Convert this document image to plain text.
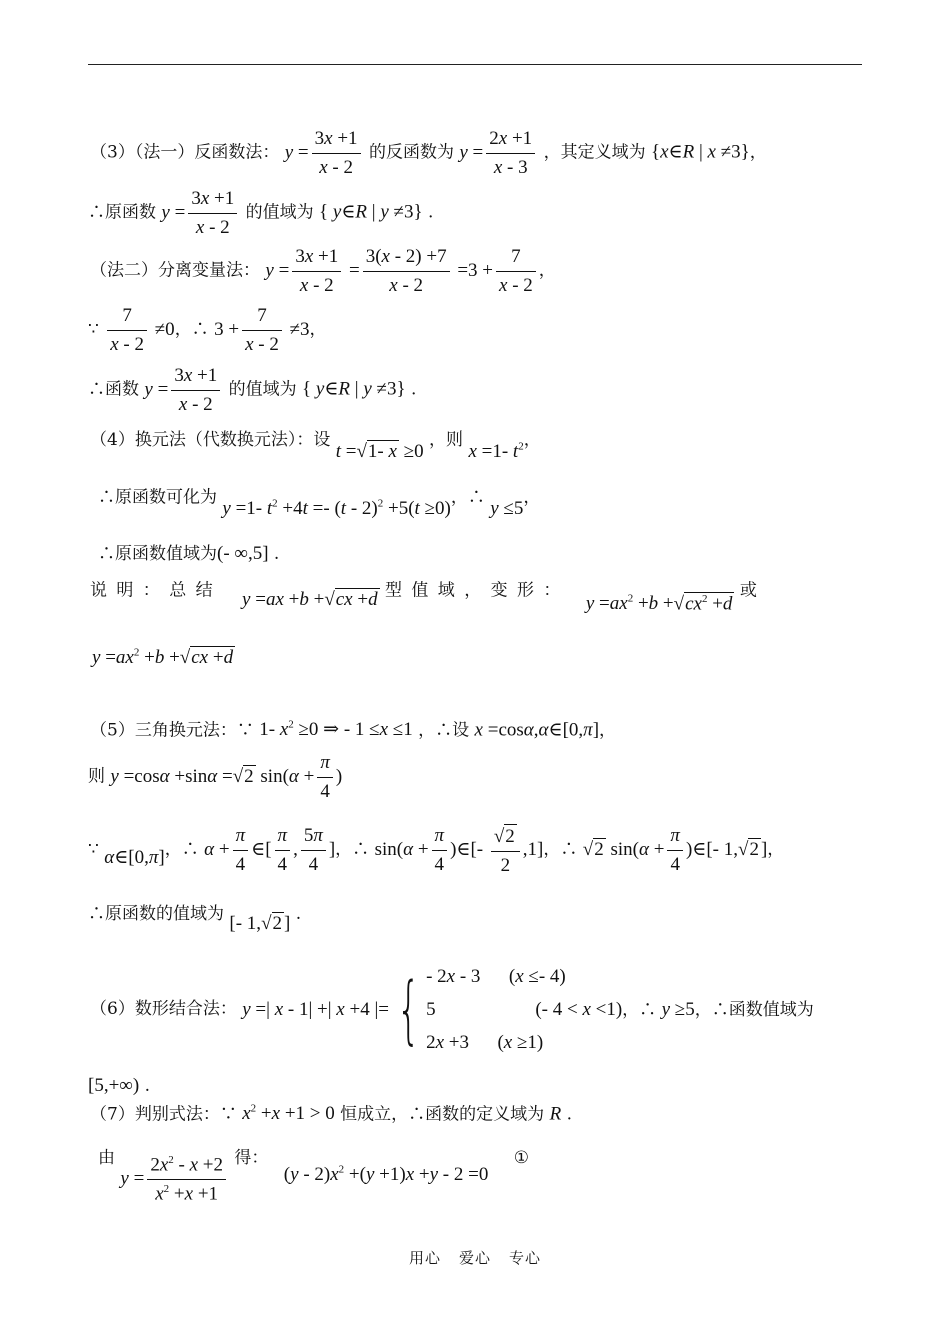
（3）（法一）反函数法： $y = \frac{3x +1}{x - 2}$ 的反函数为 $y = \frac{2x +1}{x - 3}$ ，其定义域为 {x∈R | x ≠3}，
∴原函数 $y = \frac{3x +1}{x - 2}$ 的值域为 { y∈R | y ≠3} .
（法二）分离变量法： $y = \frac{3x +1}{x - 2} = \frac{3(x - 2) +7}{x - 2} =3 + \frac{7}{x - 2}$ ，
∵ $\frac{7}{x - 2} \ne 0$，∴ $3 + \frac{7}{x - 2} \ne 3$，
∴函数 $y = \frac{3x +1}{x - 2}$ 的值域为 { y∈R | y ≠3} .
（4）换元法（代数换元法）：设 t =√1- x ≥0 ，则 x =1- $t^2$，
∴原函数可化为 y =1- $t^2 +4t =- (t - 2)^2 +5(t \ge 0)$，∴ y ≤5，
∴原函数值域为(- ∞,5] .
说 明 ： 总 结 y =ax +b +√cx +d 型 值 域 ， 变 形 ： $y =ax^2 +b +√cx^2 +d$ 或
$y =ax^2 +b +√cx +d$
（5）三角换元法：∵ 1- $x^2 \ge 0$ ⇒ - 1 ≤x ≤1 ，∴设 x =cosα,α∈[0,π]，
则 y =cosα +sinα =√2 $\sin(\alpha + \frac{\pi}{4}$ )
∵ α∈[0,π]，∴ $\alpha + \frac{\pi}{4}$ ∈[ $\frac{\pi}{4}$ , $\frac{5\pi}{4}$ ]，∴ $\sin(\alpha + \frac{\pi}{4}$ )∈[- $\frac{√2}{2} ,1$]，∴ √2 $\sin(\alpha + \frac{\pi}{4}$ )∈[- 1,√2 ]，
∴原函数的值域为 [- 1,√2 ] .
（6）数形结合法： y =| x - 1| +| x +4 |= { - 2x - 3      (x ≤- 4)
5                     (- 4 < x <1)
2x +3      (x ≥1)
，∴ y ≥5，∴函数值域为
[5,+∞) .
（7）判别式法：∵ $x^2 +x +1 > 0$ 恒成立，∴函数的定义域为 R .
由 $y = \frac{2x^2 - x +2}{x^2 +x +1}$ 得： $(y - 2)x^2 +(y +1)x +y - 2 =0$ ①
用心 爱心 专心
